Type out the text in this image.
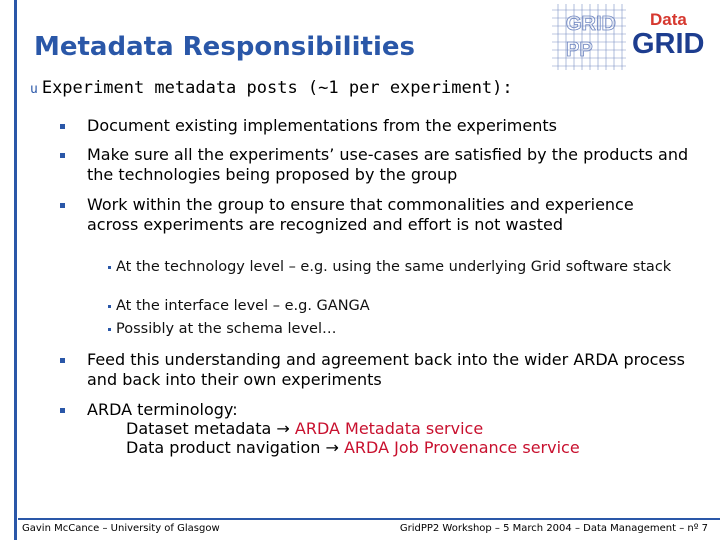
Metadata Responsibilities
GRID
PP
Data
GRID
u Experiment metadata posts (~1 per experiment):
Document existing implementations from the experiments
Make sure all the experiments’ use-cases are satisfied by the products and the technologies being proposed by the group
Work within the group to ensure that commonalities and experience across experiments are recognized and effort is not wasted
At the technology level – e.g. using the same underlying Grid software stack
At the interface level – e.g. GANGA
Possibly at the schema level…
Feed this understanding and agreement back into the wider ARDA process and back into their own experiments
ARDA terminology:
Dataset metadata → ARDA Metadata service
Data product navigation → ARDA Job Provenance service
Gavin McCance – University of Glasgow	GridPP2 Workshop – 5 March 2004 – Data Management – nº 7
